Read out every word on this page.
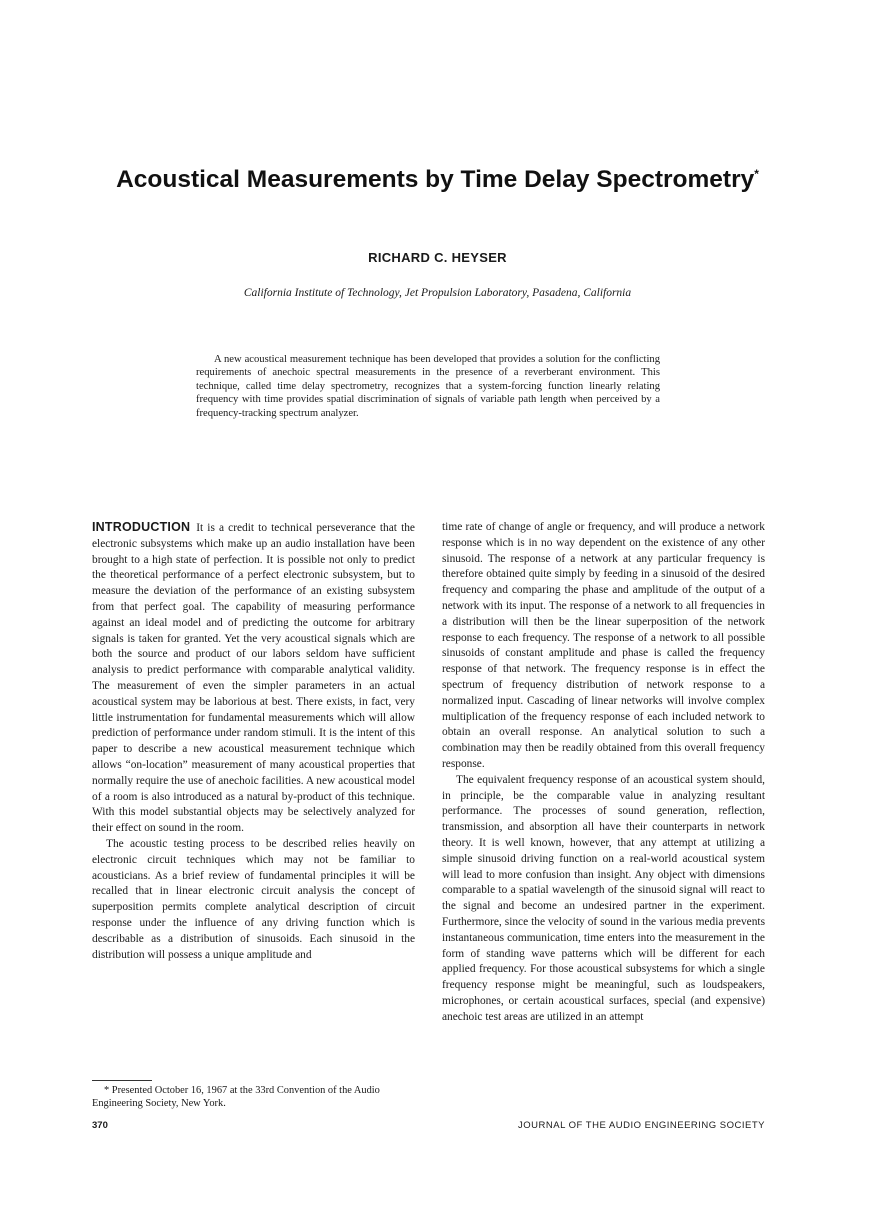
Acoustical Measurements by Time Delay Spectrometry*
RICHARD C. HEYSER
California Institute of Technology, Jet Propulsion Laboratory, Pasadena, California
A new acoustical measurement technique has been developed that provides a solution for the conflicting requirements of anechoic spectral measurements in the presence of a reverberant environment. This technique, called time delay spectrometry, recognizes that a system-forcing function linearly relating frequency with time provides spatial discrimination of signals of variable path length when perceived by a frequency-tracking spectrum analyzer.

INTRODUCTION It is a credit to technical perseverance that the electronic subsystems which make up an audio installation have been brought to a high state of perfection. It is possible not only to predict the theoretical performance of a perfect electronic subsystem, but to measure the deviation of the performance of an existing subsystem from that perfect goal. The capability of measuring performance against an ideal model and of predicting the outcome for arbitrary signals is taken for granted. Yet the very acoustical signals which are both the source and product of our labors seldom have sufficient analysis to predict performance with comparable analytical validity. The measurement of even the simpler parameters in an actual acoustical system may be laborious at best. There exists, in fact, very little instrumentation for fundamental measurements which will allow prediction of performance under random stimuli. It is the intent of this paper to describe a new acoustical measurement technique which allows “on-location” measurement of many acoustical properties that normally require the use of anechoic facilities. A new acoustical model of a room is also introduced as a natural by-product of this technique. With this model substantial objects may be selectively analyzed for their effect on sound in the room.

The acoustic testing process to be described relies heavily on electronic circuit techniques which may not be familiar to acousticians. As a brief review of fundamental principles it will be recalled that in linear electronic circuit analysis the concept of superposition permits complete analytical description of circuit response under the influence of any driving function which is describable as a distribution of sinusoids. Each sinusoid in the distribution will possess a unique amplitude and

time rate of change of angle or frequency, and will produce a network response which is in no way dependent on the existence of any other sinusoid. The response of a network at any particular frequency is therefore obtained quite simply by feeding in a sinusoid of the desired frequency and comparing the phase and amplitude of the output of a network with its input. The response of a network to all frequencies in a distribution will then be the linear superposition of the network response to each frequency. The response of a network to all possible sinusoids of constant amplitude and phase is called the frequency response of that network. The frequency response is in effect the spectrum of frequency distribution of network response to a normalized input. Cascading of linear networks will involve complex multiplication of the frequency response of each included network to obtain an overall response. An analytical solution to such a combination may then be readily obtained from this overall frequency response.

The equivalent frequency response of an acoustical system should, in principle, be the comparable value in analyzing resultant performance. The processes of sound generation, reflection, transmission, and absorption all have their counterparts in network theory. It is well known, however, that any attempt at utilizing a simple sinusoid driving function on a real-world acoustical system will lead to more confusion than insight. Any object with dimensions comparable to a spatial wavelength of the sinusoid signal will react to the signal and become an undesired partner in the experiment. Furthermore, since the velocity of sound in the various media prevents instantaneous communication, time enters into the measurement in the form of standing wave patterns which will be different for each applied frequency. For those acoustical subsystems for which a single frequency response might be meaningful, such as loudspeakers, microphones, or certain acoustical surfaces, special (and expensive) anechoic test areas are utilized in an attempt

* Presented October 16, 1967 at the 33rd Convention of the Audio Engineering Society, New York.
370	JOURNAL OF THE AUDIO ENGINEERING SOCIETY
